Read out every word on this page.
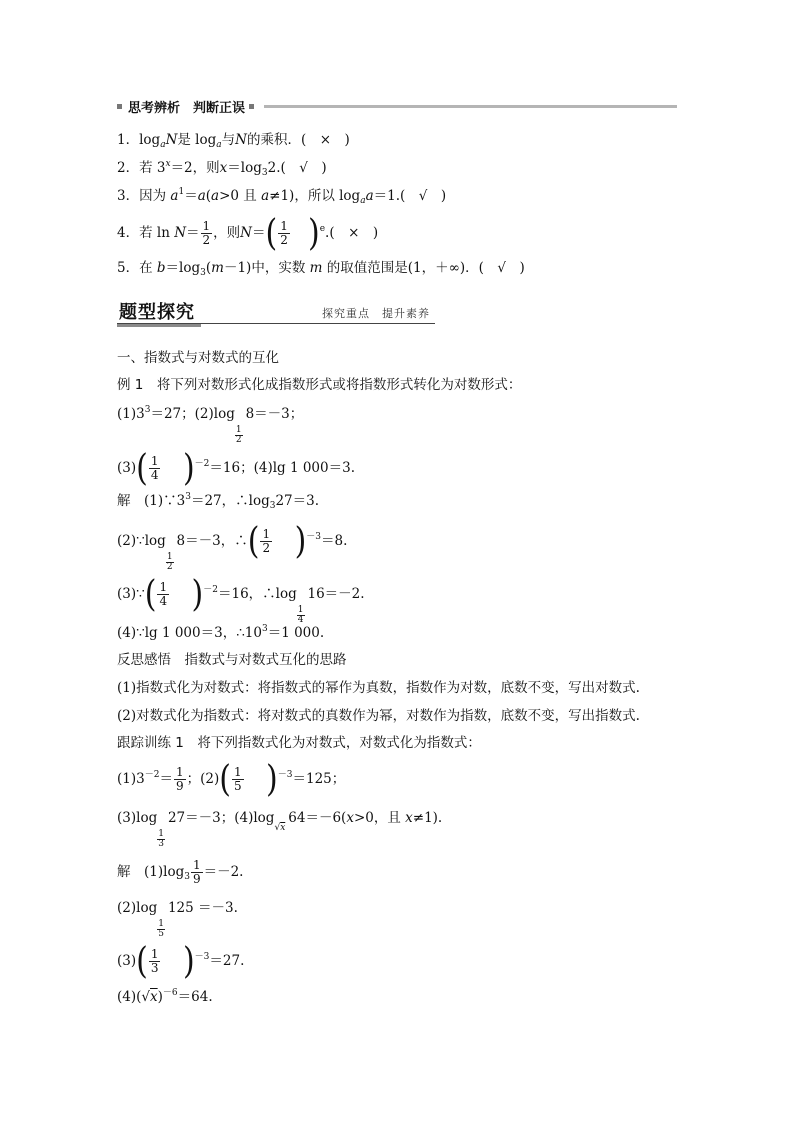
思考辨析　判断正误
1．$\log_aN$是 $\log_a$与N的乘积．(　×　)
2．若 $3^x=2$，则$x=\log_32$.(　√　)
3．因为 $a^1=a(a>0$ 且 a≠1)，所以 $\log_aa=1$.(　√　)
4．若 $\ln N= \frac{1}{2}$ ，则$N=( \frac{1}{2} )^e$.(　×　)
5．在 $b=\log_3(m-1)$中，实数 m 的取值范围是(1，＋∞)．(　√　)
题型探究	探究重点　提升素养
一、指数式与对数式的互化
例 1　 将下列对数形式化成指数形式或将指数形式转化为对数形式：
$(1)3^3=27$；(2)log
$\frac{1}{2}$
8＝－3；
$(3)( \frac{1}{4} )^{-2}=16$；(4)lg 1 000＝3.
解　$(1)\because 3^3=27$，$\therefore\log_327=3$.
(2)∵log
$\frac{1}{2}$
8＝－3，∴( $\frac{1}{2} )^{-3}=8$.
(3)∵( $\frac{1}{4} )^{-2}=16$，∴log
$\frac{1}{4}$
16＝－2.
(4)∵lg 1 000＝3，$\therefore 10^3=1$ 000.
反思感悟　指数式与对数式互化的思路
(1)指数式化为对数式：将指数式的幂作为真数，指数作为对数，底数不变，写出对数式.
(2)对数式化为指数式：将对数式的真数作为幂，对数作为指数，底数不变，写出指数式.
跟踪训练 1　 将下列指数式化为对数式，对数式化为指数式：
$(1)3^{-2}= \frac{1}{9}$ ；$(2)( \frac{1}{5} )^{-3}=125$；
(3)log
$\frac{1}{3}$
27＝－3；(4)log
√x
64＝－6(x>0，且 x≠1).
解　$(1)\log_3 \frac{1}{9} =-2$.
(2)log
$\frac{1}{5}$
125 ＝－3.
$(3)( \frac{1}{3} )^{-3}=27$.
$(4)(√x)^{-6}=64$.
